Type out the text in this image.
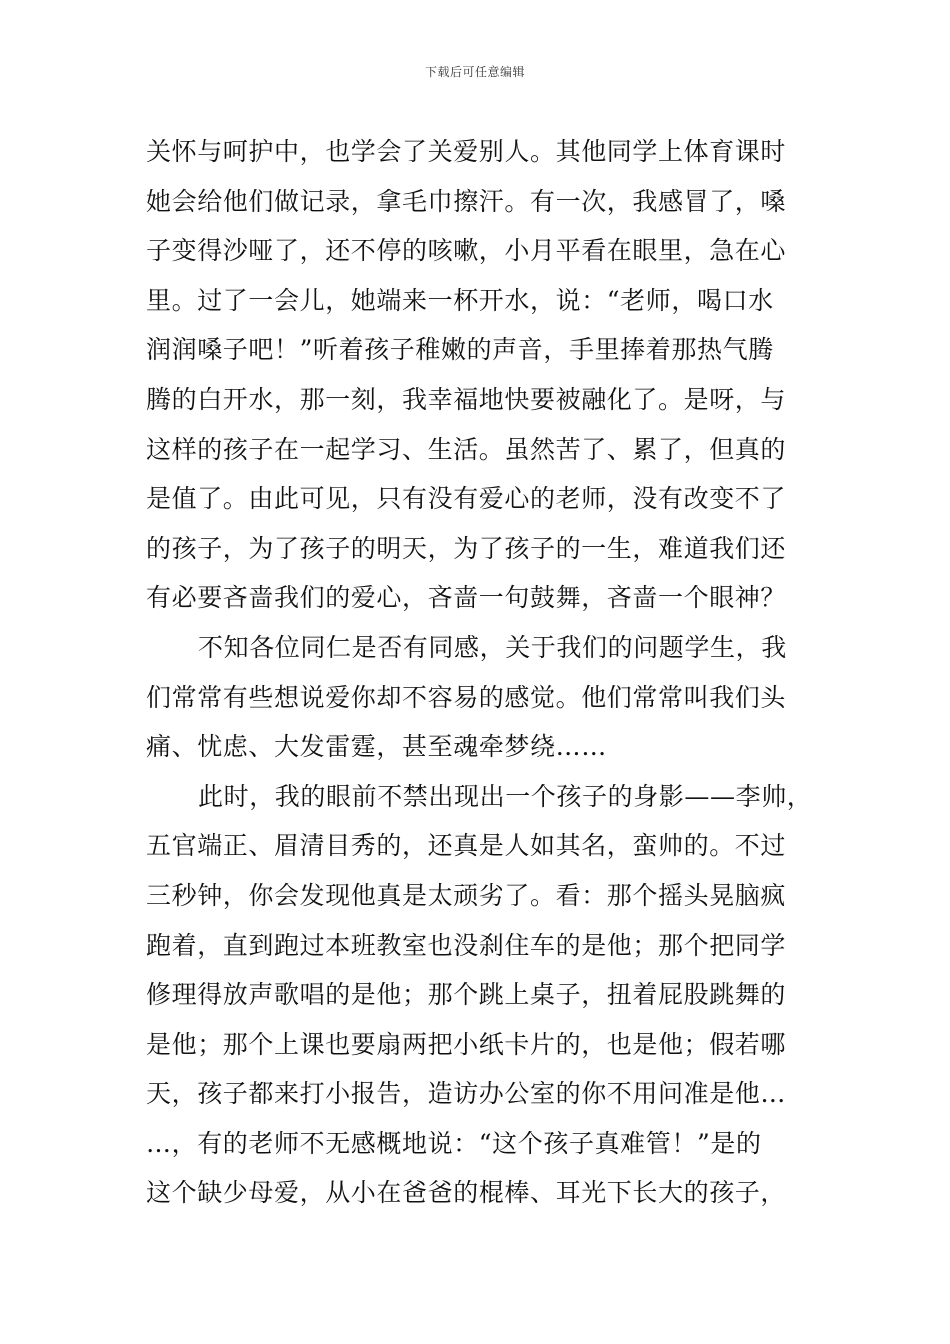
下载后可任意编辑
关怀与呵护中，也学会了关爱别人。其他同学上体育课时
她会给他们做记录，拿毛巾擦汗。有一次，我感冒了，嗓
子变得沙哑了，还不停的咳嗽，小月平看在眼里，急在心
里。过了一会儿，她端来一杯开水，说：“老师，喝口水
润润嗓子吧！”听着孩子稚嫩的声音，手里捧着那热气腾
腾的白开水，那一刻，我幸福地快要被融化了。是呀，与
这样的孩子在一起学习、生活。虽然苦了、累了，但真的
是值了。由此可见，只有没有爱心的老师，没有改变不了
的孩子，为了孩子的明天，为了孩子的一生，难道我们还
有必要吝啬我们的爱心，吝啬一句鼓舞，吝啬一个眼神？
不知各位同仁是否有同感，关于我们的问题学生，我
们常常有些想说爱你却不容易的感觉。他们常常叫我们头
痛、忧虑、大发雷霆，甚至魂牵梦绕……
此时，我的眼前不禁出现出一个孩子的身影——李帅，
五官端正、眉清目秀的，还真是人如其名，蛮帅的。不过
三秒钟，你会发现他真是太顽劣了。看：那个摇头晃脑疯
跑着，直到跑过本班教室也没刹住车的是他；那个把同学
修理得放声歌唱的是他；那个跳上桌子，扭着屁股跳舞的
是他；那个上课也要扇两把小纸卡片的，也是他；假若哪
天，孩子都来打小报告，造访办公室的你不用问准是他…
…，有的老师不无感概地说：“这个孩子真难管！”是的
这个缺少母爱，从小在爸爸的棍棒、耳光下长大的孩子，
